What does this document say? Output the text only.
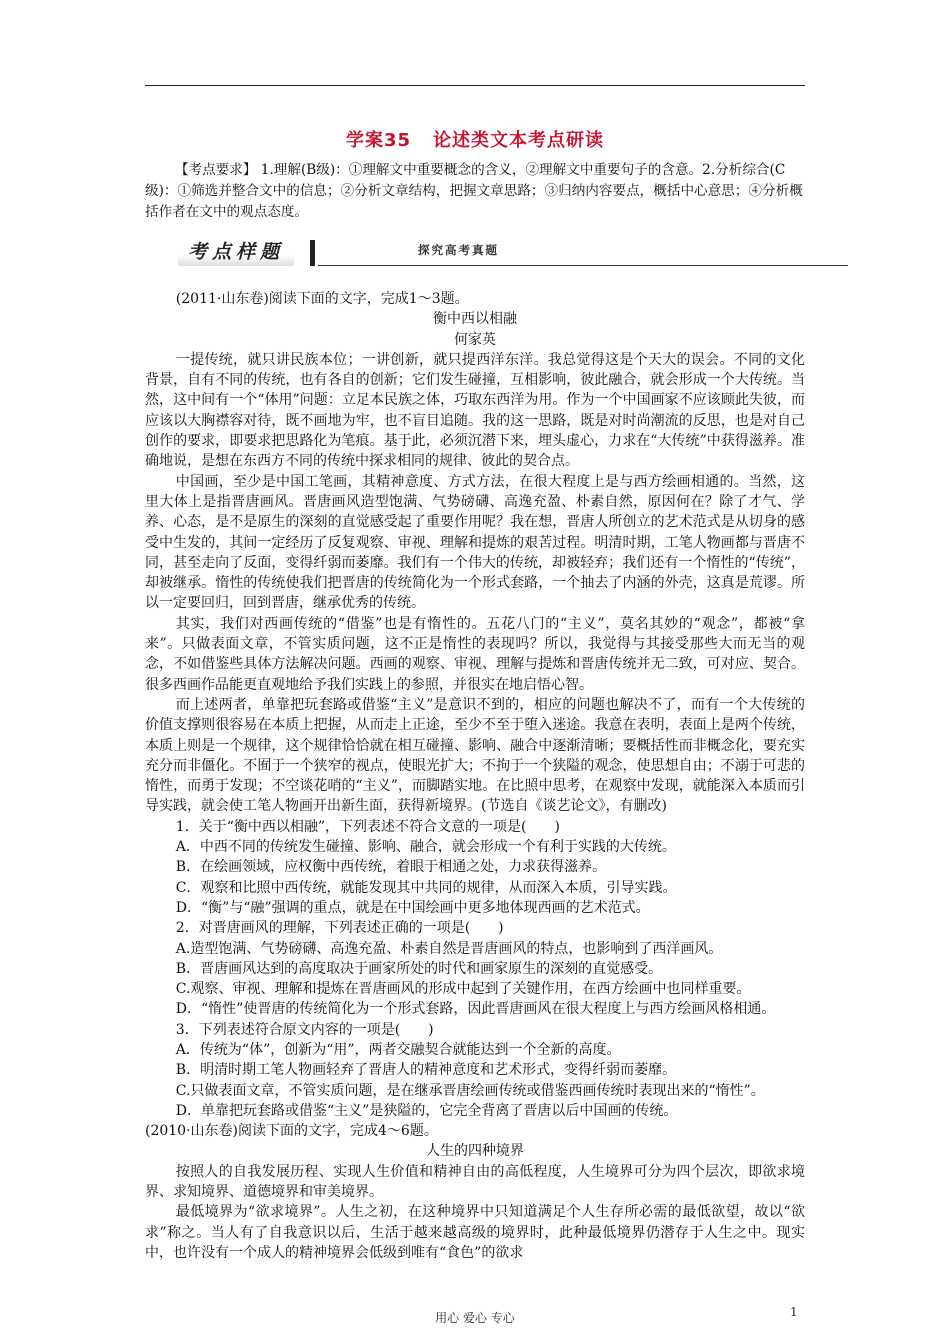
学案35 论述类文本考点研读

【考点要求】 1.理解(B级)：①理解文中重要概念的含义，②理解文中重要句子的含意。2.分析综合(C级)：①筛选并整合文中的信息；②分析文章结构，把握文章思路；③归纳内容要点，概括中心意思；④分析概括作者在文中的观点态度。

考点样题	探究高考真题

(2011·山东卷)阅读下面的文字，完成1～3题。

衡中西以相融

何家英

一提传统，就只讲民族本位；一讲创新，就只提西洋东洋。我总觉得这是个天大的误会。不同的文化背景，自有不同的传统，也有各自的创新；它们发生碰撞，互相影响，彼此融合，就会形成一个大传统。当然，这中间有一个“体用”问题：立足本民族之体，巧取东西洋为用。作为一个中国画家不应该顾此失彼，而应该以大胸襟容对待，既不画地为牢，也不盲目追随。我的这一思路，既是对时尚潮流的反思，也是对自己创作的要求，即要求把思路化为笔痕。基于此，必须沉潜下来，埋头虚心，力求在“大传统”中获得滋养。准确地说，是想在东西方不同的传统中探求相同的规律、彼此的契合点。

中国画，至少是中国工笔画，其精神意度、方式方法，在很大程度上是与西方绘画相通的。当然，这里大体上是指晋唐画风。晋唐画风造型饱满、气势磅礴、高逸充盈、朴素自然，原因何在？除了才气、学养、心态，是不是原生的深刻的直觉感受起了重要作用呢？我在想，晋唐人所创立的艺术范式是从切身的感受中生发的，其间一定经历了反复观察、审视、理解和提炼的艰苦过程。明清时期，工笔人物画都与晋唐不同，甚至走向了反面，变得纤弱而萎靡。我们有一个伟大的传统，却被轻弃；我们还有一个惰性的“传统”，却被继承。惰性的传统使我们把晋唐的传统简化为一个形式套路，一个抽去了内涵的外壳，这真是荒谬。所以一定要回归，回到晋唐，继承优秀的传统。

其实，我们对西画传统的“借鉴”也是有惰性的。五花八门的“主义”，莫名其妙的“观念”，都被“拿来”。只做表面文章，不管实质问题，这不正是惰性的表现吗？所以，我觉得与其接受那些大而无当的观念，不如借鉴些具体方法解决问题。西画的观察、审视、理解与提炼和晋唐传统并无二致，可对应、契合。很多西画作品能更直观地给予我们实践上的参照，并很实在地启悟心智。

而上述两者，单靠把玩套路或借鉴“主义”是意识不到的，相应的问题也解决不了，而有一个大传统的价值支撑则很容易在本质上把握，从而走上正途，至少不至于堕入迷途。我意在表明，表面上是两个传统，本质上则是一个规律，这个规律恰恰就在相互碰撞、影响、融合中逐渐清晰；要概括性而非概念化，要充实充分而非僵化。不囿于一个狭窄的视点，使眼光扩大；不拘于一个狭隘的观念，使思想自由；不溺于可悲的惰性，而勇于发现；不空谈花哨的“主义”，而脚踏实地。在比照中思考，在观察中发现，就能深入本质而引导实践，就会使工笔人物画开出新生面，获得新境界。(节选自《谈艺论文》，有删改)

1．关于“衡中西以相融”，下列表述不符合文意的一项是(　　)

A．中西不同的传统发生碰撞、影响、融合，就会形成一个有利于实践的大传统。

B．在绘画领域，应权衡中西传统，着眼于相通之处，力求获得滋养。

C．观察和比照中西传统，就能发现其中共同的规律，从而深入本质，引导实践。

D．“衡”与“融”强调的重点，就是在中国绘画中更多地体现西画的艺术范式。

2．对晋唐画风的理解，下列表述正确的一项是(　　)

A.造型饱满、气势磅礴、高逸充盈、朴素自然是晋唐画风的特点，也影响到了西洋画风。

B．晋唐画风达到的高度取决于画家所处的时代和画家原生的深刻的直觉感受。

C.观察、审视、理解和提炼在晋唐画风的形成中起到了关键作用，在西方绘画中也同样重要。

D．“惰性”使晋唐的传统简化为一个形式套路，因此晋唐画风在很大程度上与西方绘画风格相通。

3．下列表述符合原文内容的一项是(　　)

A．传统为“体”，创新为“用”，两者交融契合就能达到一个全新的高度。

B．明清时期工笔人物画轻弃了晋唐人的精神意度和艺术形式，变得纤弱而萎靡。

C.只做表面文章，不管实质问题，是在继承晋唐绘画传统或借鉴西画传统时表现出来的“惰性”。

D．单靠把玩套路或借鉴“主义”是狭隘的，它完全背离了晋唐以后中国画的传统。

(2010·山东卷)阅读下面的文字，完成4～6题。

人生的四种境界

按照人的自我发展历程、实现人生价值和精神自由的高低程度，人生境界可分为四个层次，即欲求境界、求知境界、道德境界和审美境界。

最低境界为“欲求境界”。人生之初，在这种境界中只知道满足个人生存所必需的最低欲望，故以“欲求”称之。当人有了自我意识以后，生活于越来越高级的境界时，此种最低境界仍潜存于人生之中。现实中，也许没有一个成人的精神境界会低级到唯有“食色”的欲求

用心 爱心 专心	1
